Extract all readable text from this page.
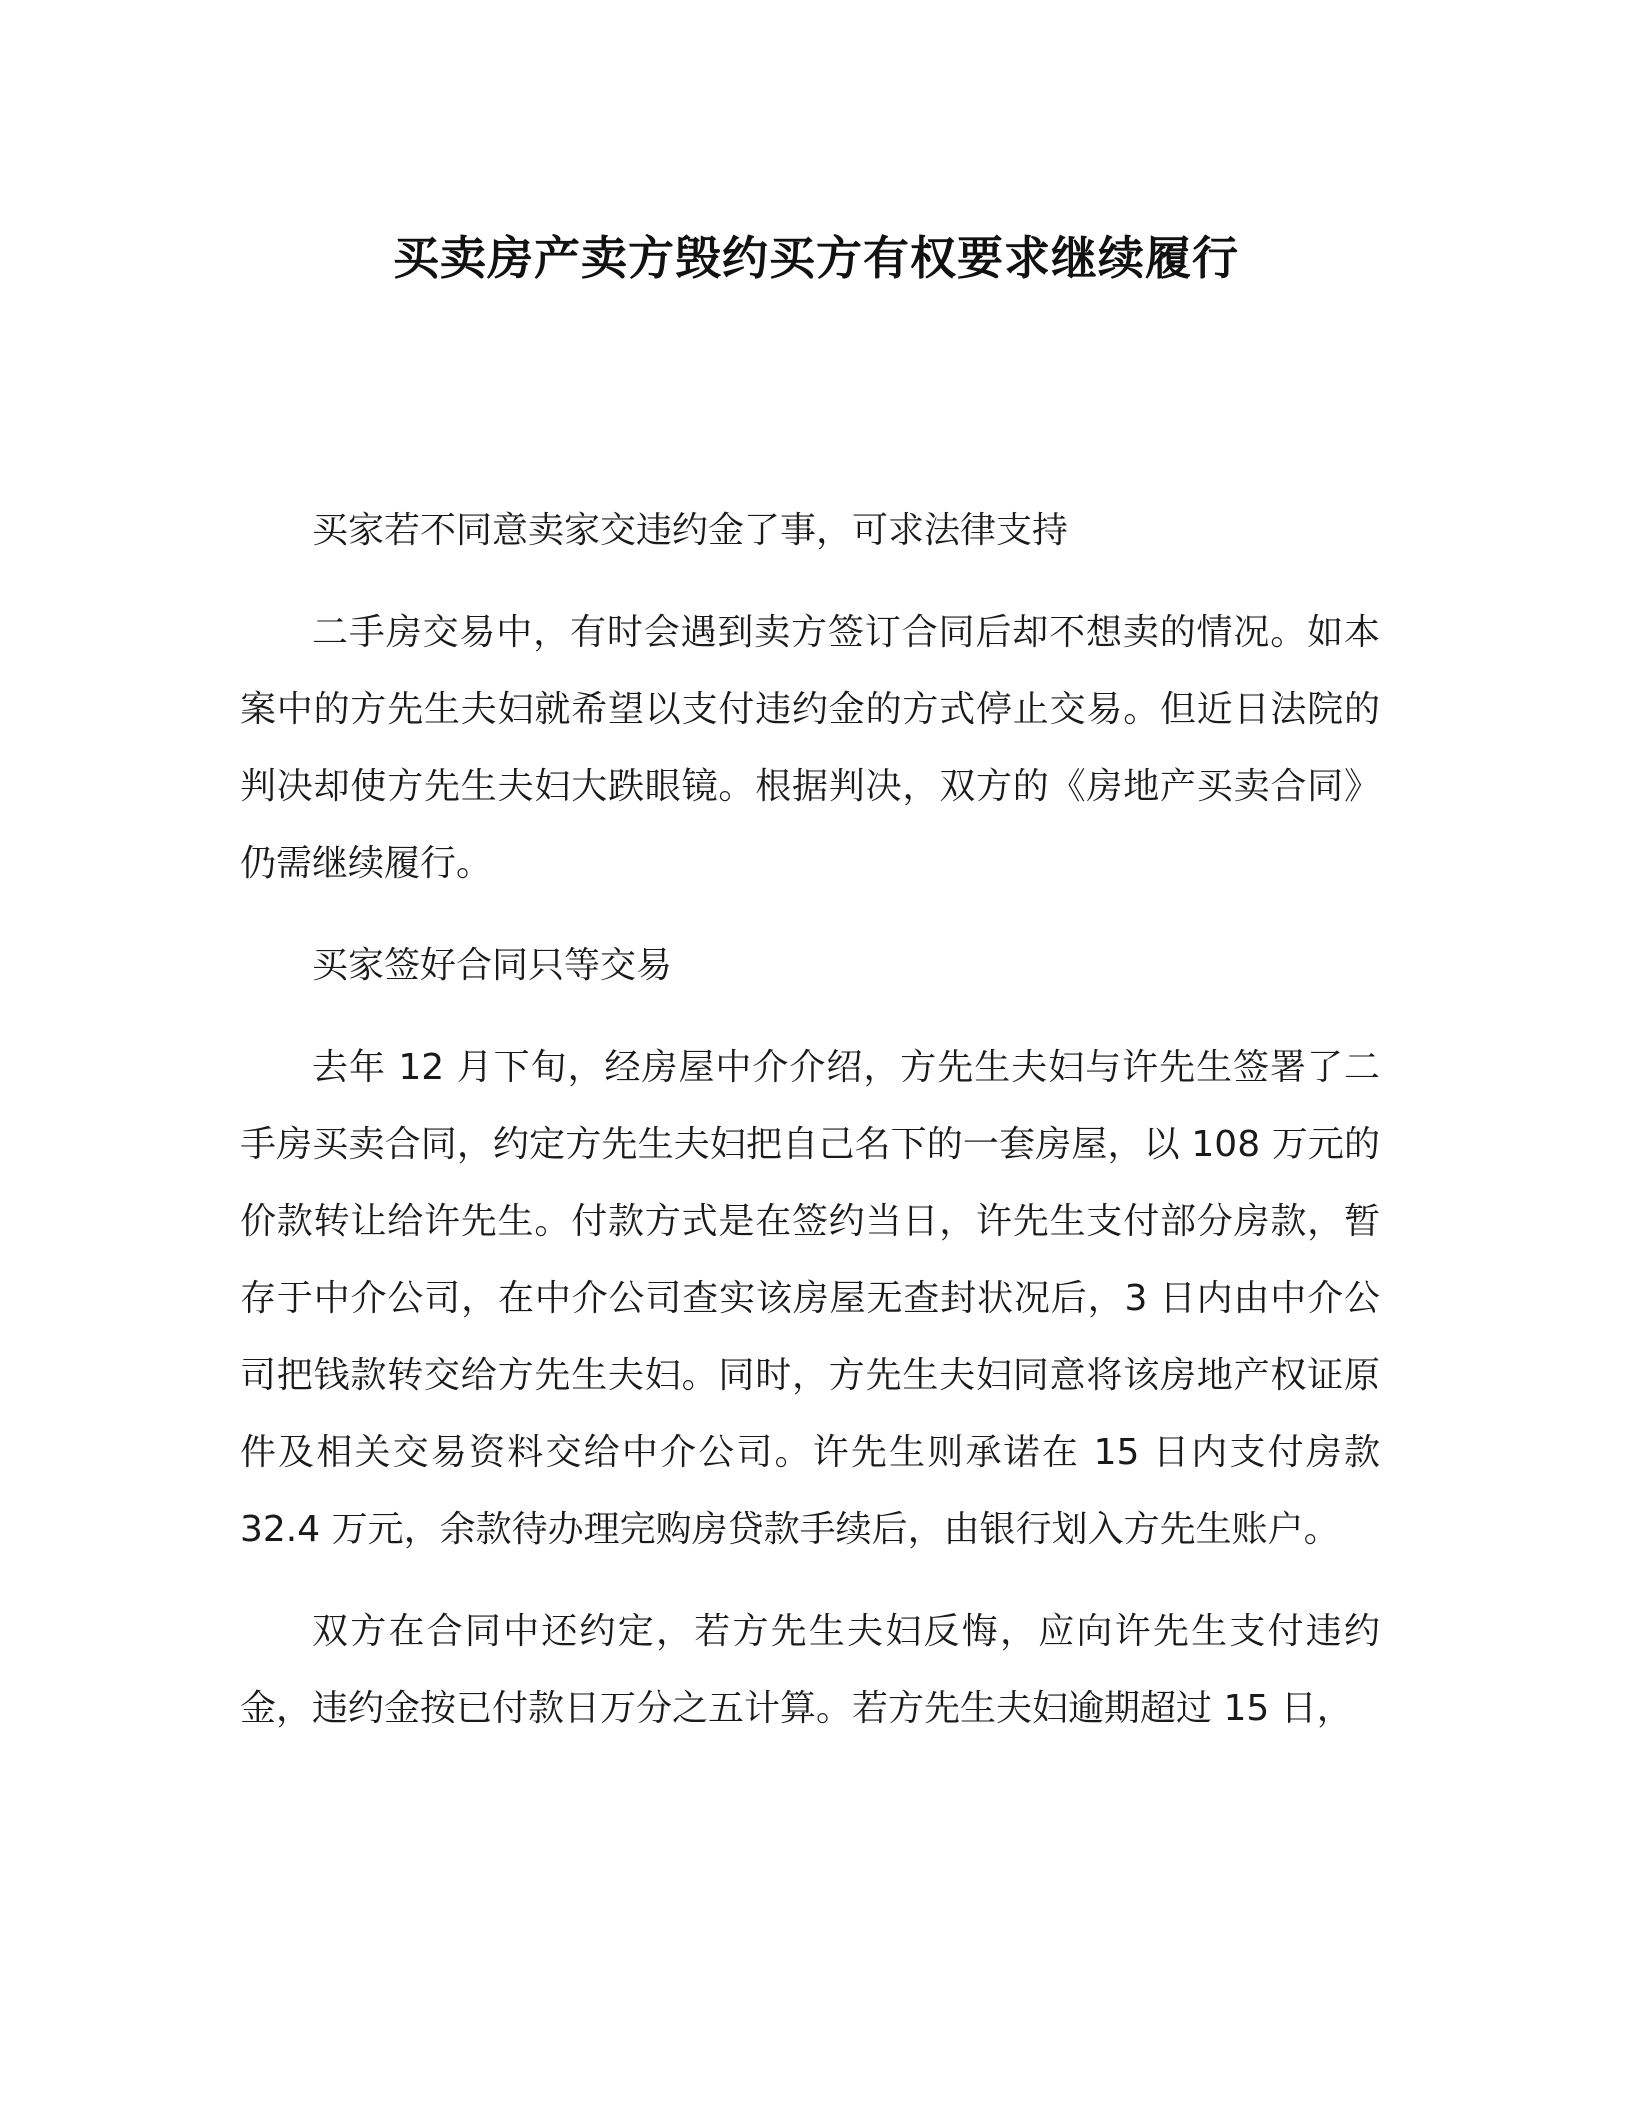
买卖房产卖方毁约买方有权要求继续履行

买家若不同意卖家交违约金了事，可求法律支持

二手房交易中，有时会遇到卖方签订合同后却不想卖的情况。如本案中的方先生夫妇就希望以支付违约金的方式停止交易。但近日法院的判决却使方先生夫妇大跌眼镜。根据判决，双方的《房地产买卖合同》仍需继续履行。

买家签好合同只等交易

去年 12 月下旬，经房屋中介介绍，方先生夫妇与许先生签署了二手房买卖合同，约定方先生夫妇把自己名下的一套房屋，以 108 万元的价款转让给许先生。付款方式是在签约当日，许先生支付部分房款，暂存于中介公司，在中介公司查实该房屋无查封状况后，3 日内由中介公司把钱款转交给方先生夫妇。同时，方先生夫妇同意将该房地产权证原件及相关交易资料交给中介公司。许先生则承诺在 15 日内支付房款 32.4 万元，余款待办理完购房贷款手续后，由银行划入方先生账户。

双方在合同中还约定，若方先生夫妇反悔，应向许先生支付违约金，违约金按已付款日万分之五计算。若方先生夫妇逾期超过 15 日，
